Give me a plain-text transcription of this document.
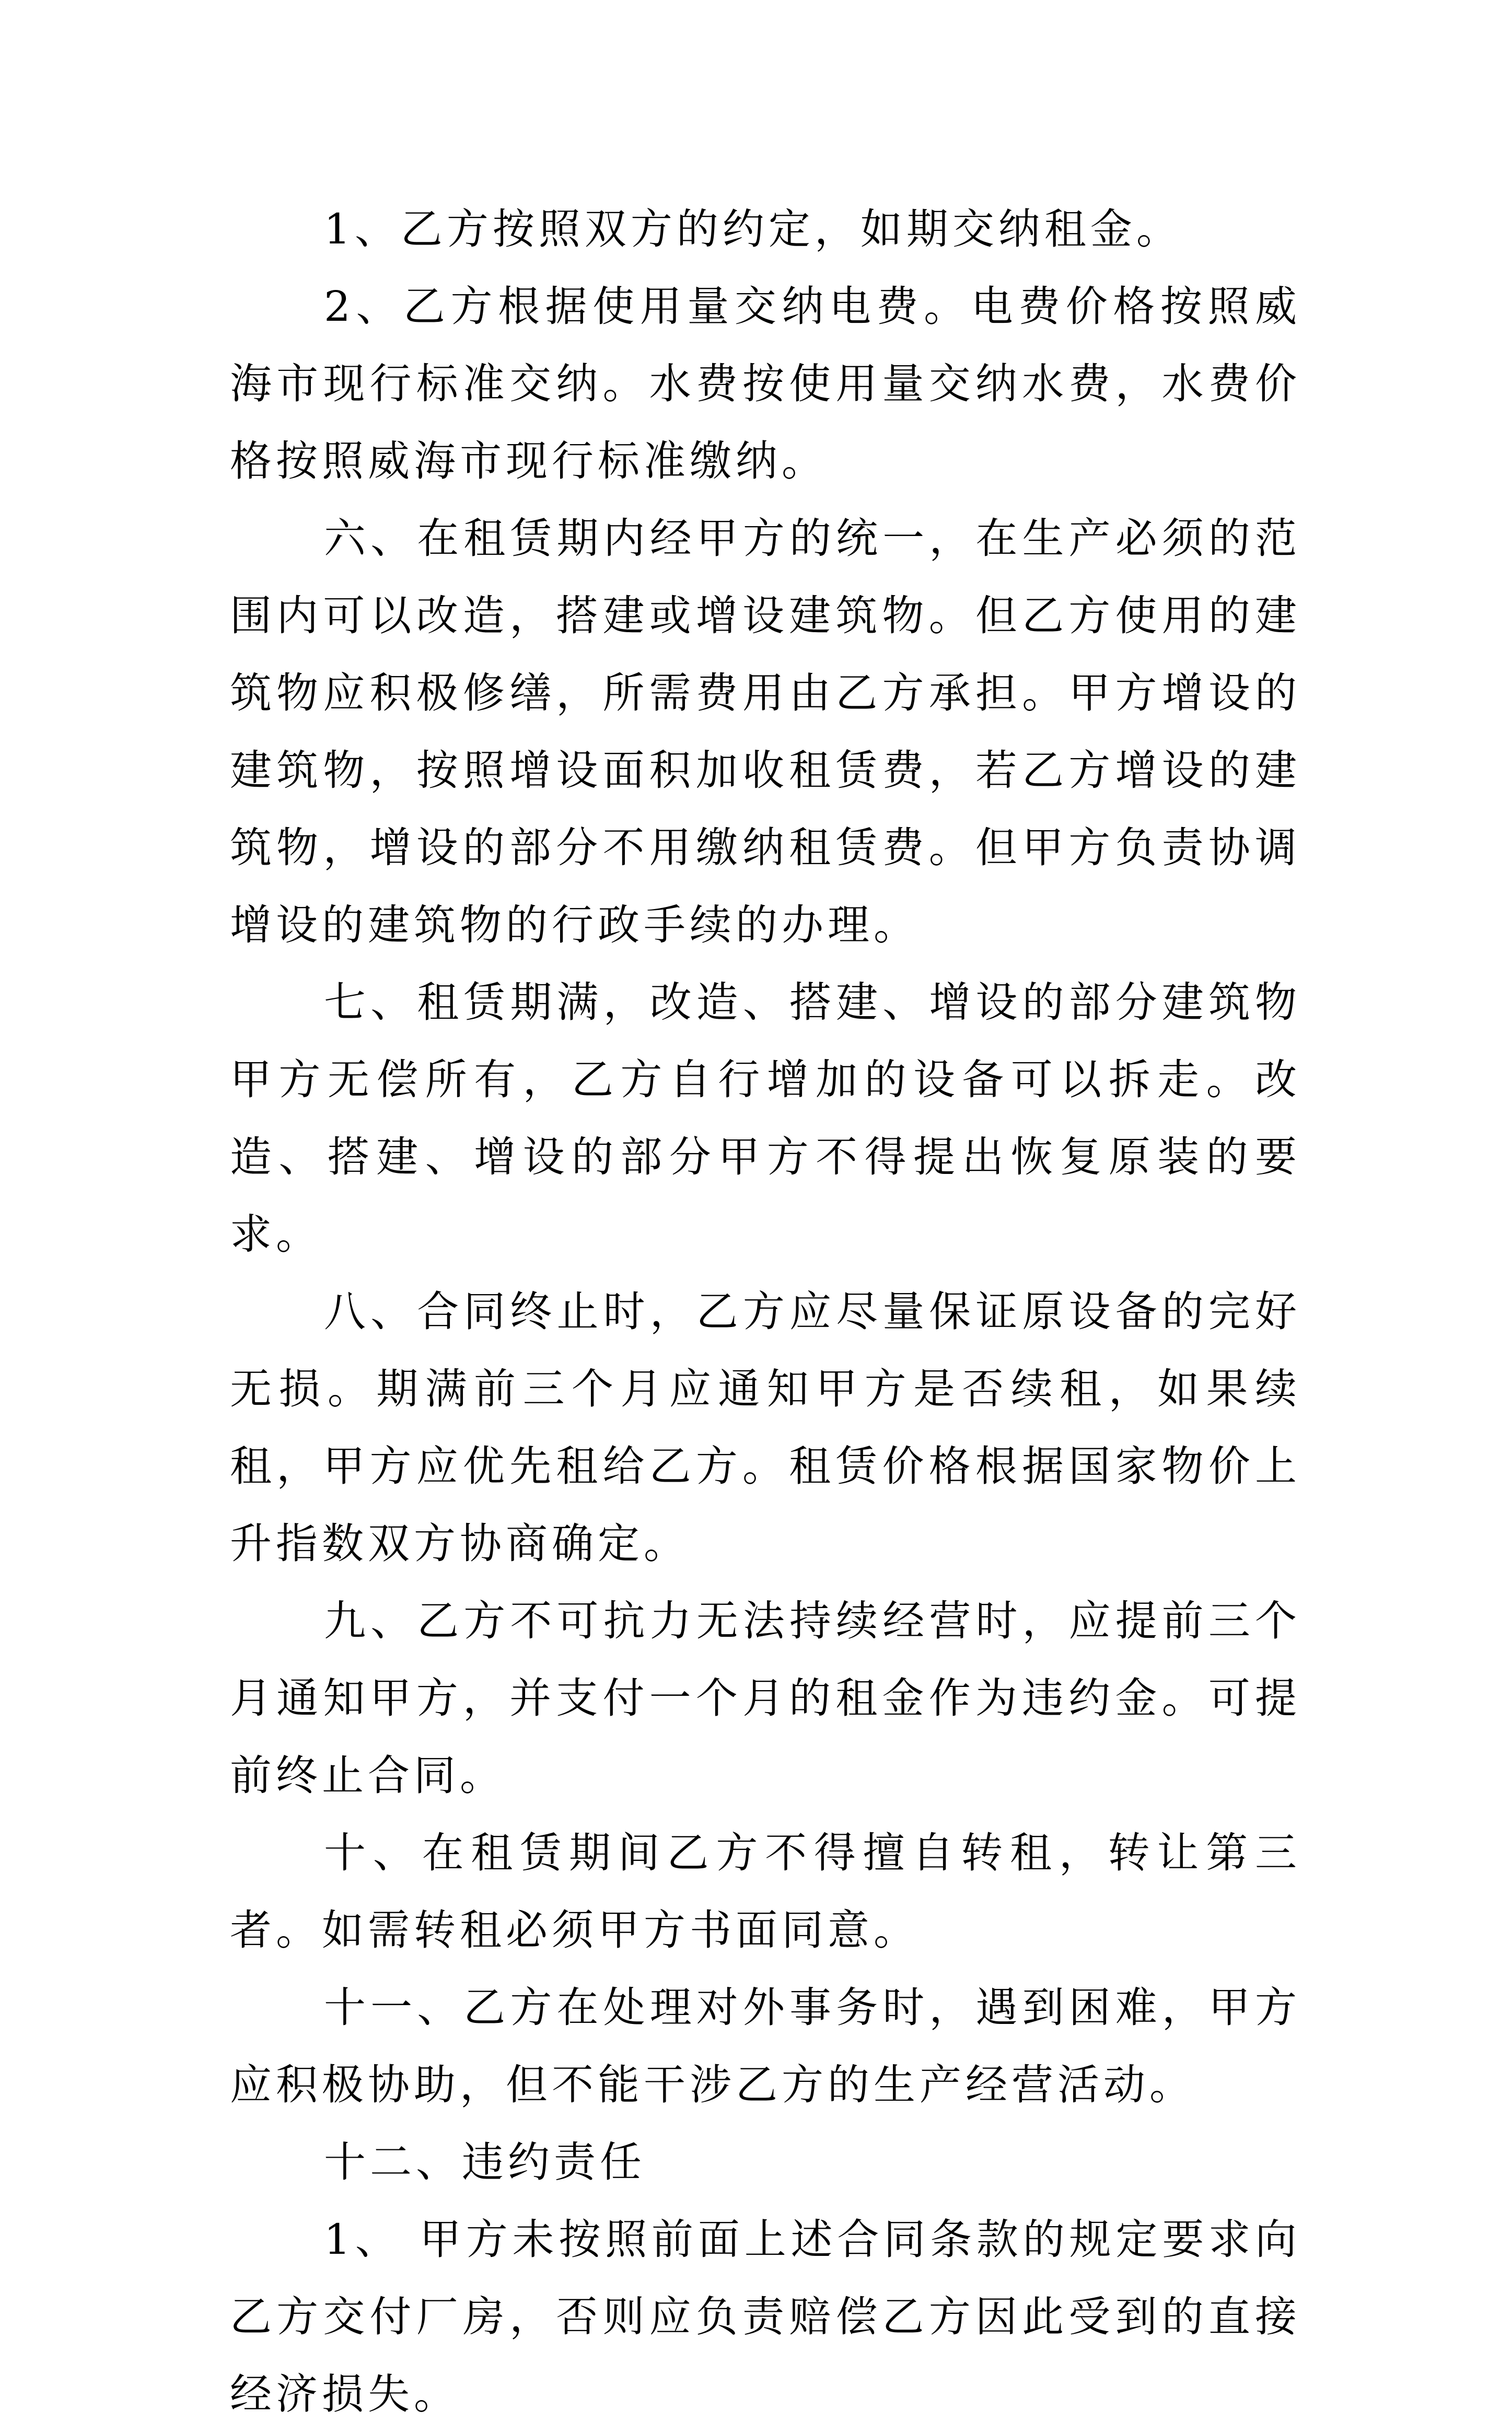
1、乙方按照双方的约定，如期交纳租金。

2、乙方根据使用量交纳电费。电费价格按照威海市现行标准交纳。水费按使用量交纳水费，水费价格按照威海市现行标准缴纳。

六、在租赁期内经甲方的统一，在生产必须的范围内可以改造，搭建或增设建筑物。但乙方使用的建筑物应积极修缮，所需费用由乙方承担。甲方增设的建筑物，按照增设面积加收租赁费，若乙方增设的建筑物，增设的部分不用缴纳租赁费。但甲方负责协调增设的建筑物的行政手续的办理。

七、租赁期满，改造、搭建、增设的部分建筑物甲方无偿所有，乙方自行增加的设备可以拆走。改造、搭建、增设的部分甲方不得提出恢复原装的要求。

八、合同终止时，乙方应尽量保证原设备的完好无损。期满前三个月应通知甲方是否续租，如果续租，甲方应优先租给乙方。租赁价格根据国家物价上升指数双方协商确定。

九、乙方不可抗力无法持续经营时，应提前三个月通知甲方，并支付一个月的租金作为违约金。可提前终止合同。

十、在租赁期间乙方不得擅自转租，转让第三者。如需转租必须甲方书面同意。

十一、乙方在处理对外事务时，遇到困难，甲方应积极协助，但不能干涉乙方的生产经营活动。

十二、违约责任

1、 甲方未按照前面上述合同条款的规定要求向乙方交付厂房，否则应负责赔偿乙方因此受到的直接经济损失。
